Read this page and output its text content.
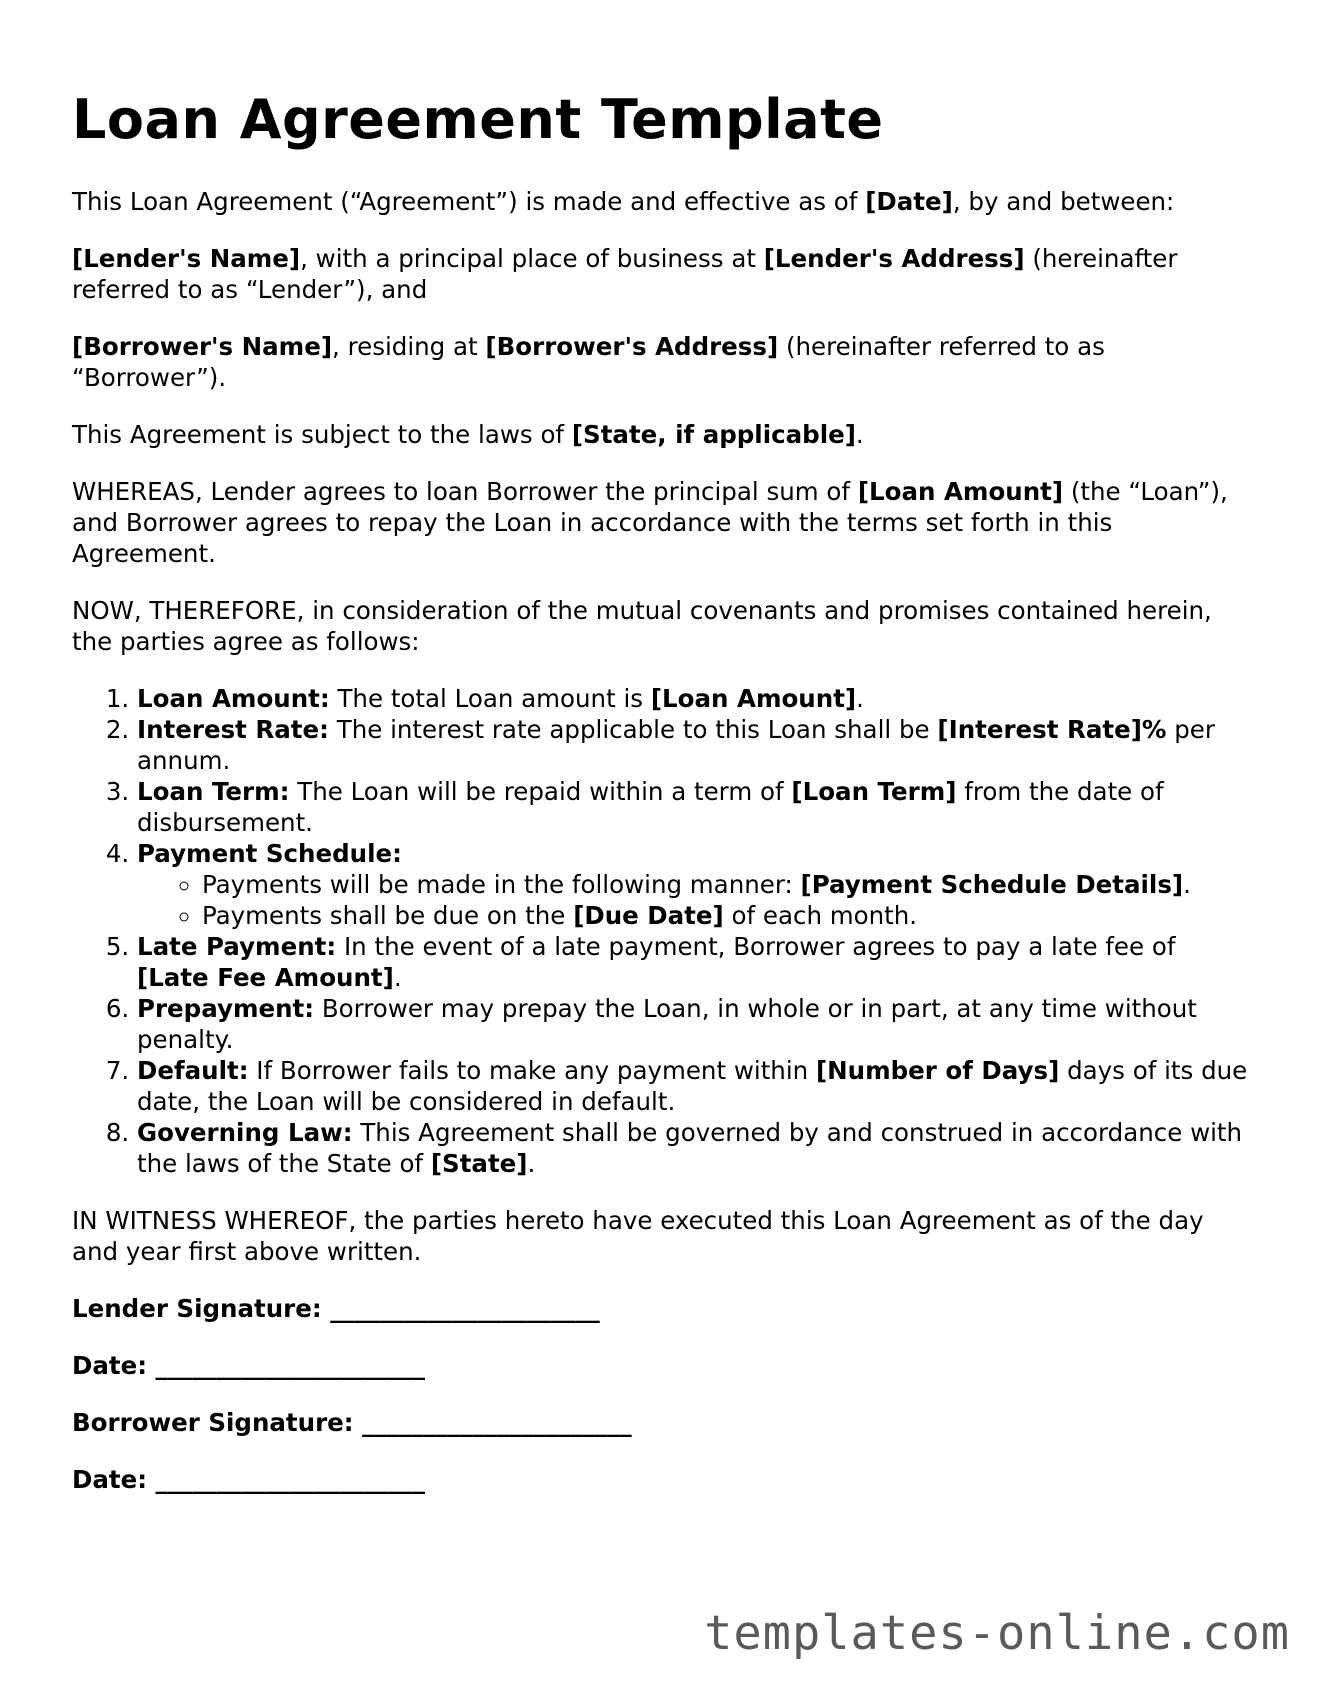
Loan Agreement Template

This Loan Agreement (“Agreement”) is made and effective as of [Date], by and between:

[Lender's Name], with a principal place of business at [Lender's Address] (hereinafter referred to as “Lender”), and

[Borrower's Name], residing at [Borrower's Address] (hereinafter referred to as “Borrower”).

This Agreement is subject to the laws of [State, if applicable].

WHEREAS, Lender agrees to loan Borrower the principal sum of [Loan Amount] (the “Loan”), and Borrower agrees to repay the Loan in accordance with the terms set forth in this Agreement.

NOW, THEREFORE, in consideration of the mutual covenants and promises contained herein, the parties agree as follows:

1. Loan Amount: The total Loan amount is [Loan Amount].
2. Interest Rate: The interest rate applicable to this Loan shall be [Interest Rate]% per annum.
3. Loan Term: The Loan will be repaid within a term of [Loan Term] from the date of disbursement.
4. Payment Schedule:
◦ Payments will be made in the following manner: [Payment Schedule Details].
◦ Payments shall be due on the [Due Date] of each month.
5. Late Payment: In the event of a late payment, Borrower agrees to pay a late fee of [Late Fee Amount].
6. Prepayment: Borrower may prepay the Loan, in whole or in part, at any time without penalty.
7. Default: If Borrower fails to make any payment within [Number of Days] days of its due date, the Loan will be considered in default.
8. Governing Law: This Agreement shall be governed by and construed in accordance with the laws of the State of [State].

IN WITNESS WHEREOF, the parties hereto have executed this Loan Agreement as of the day and year first above written.

Lender Signature: ______________________
Date: ______________________
Borrower Signature: ______________________
Date: ______________________
templates-online.com
